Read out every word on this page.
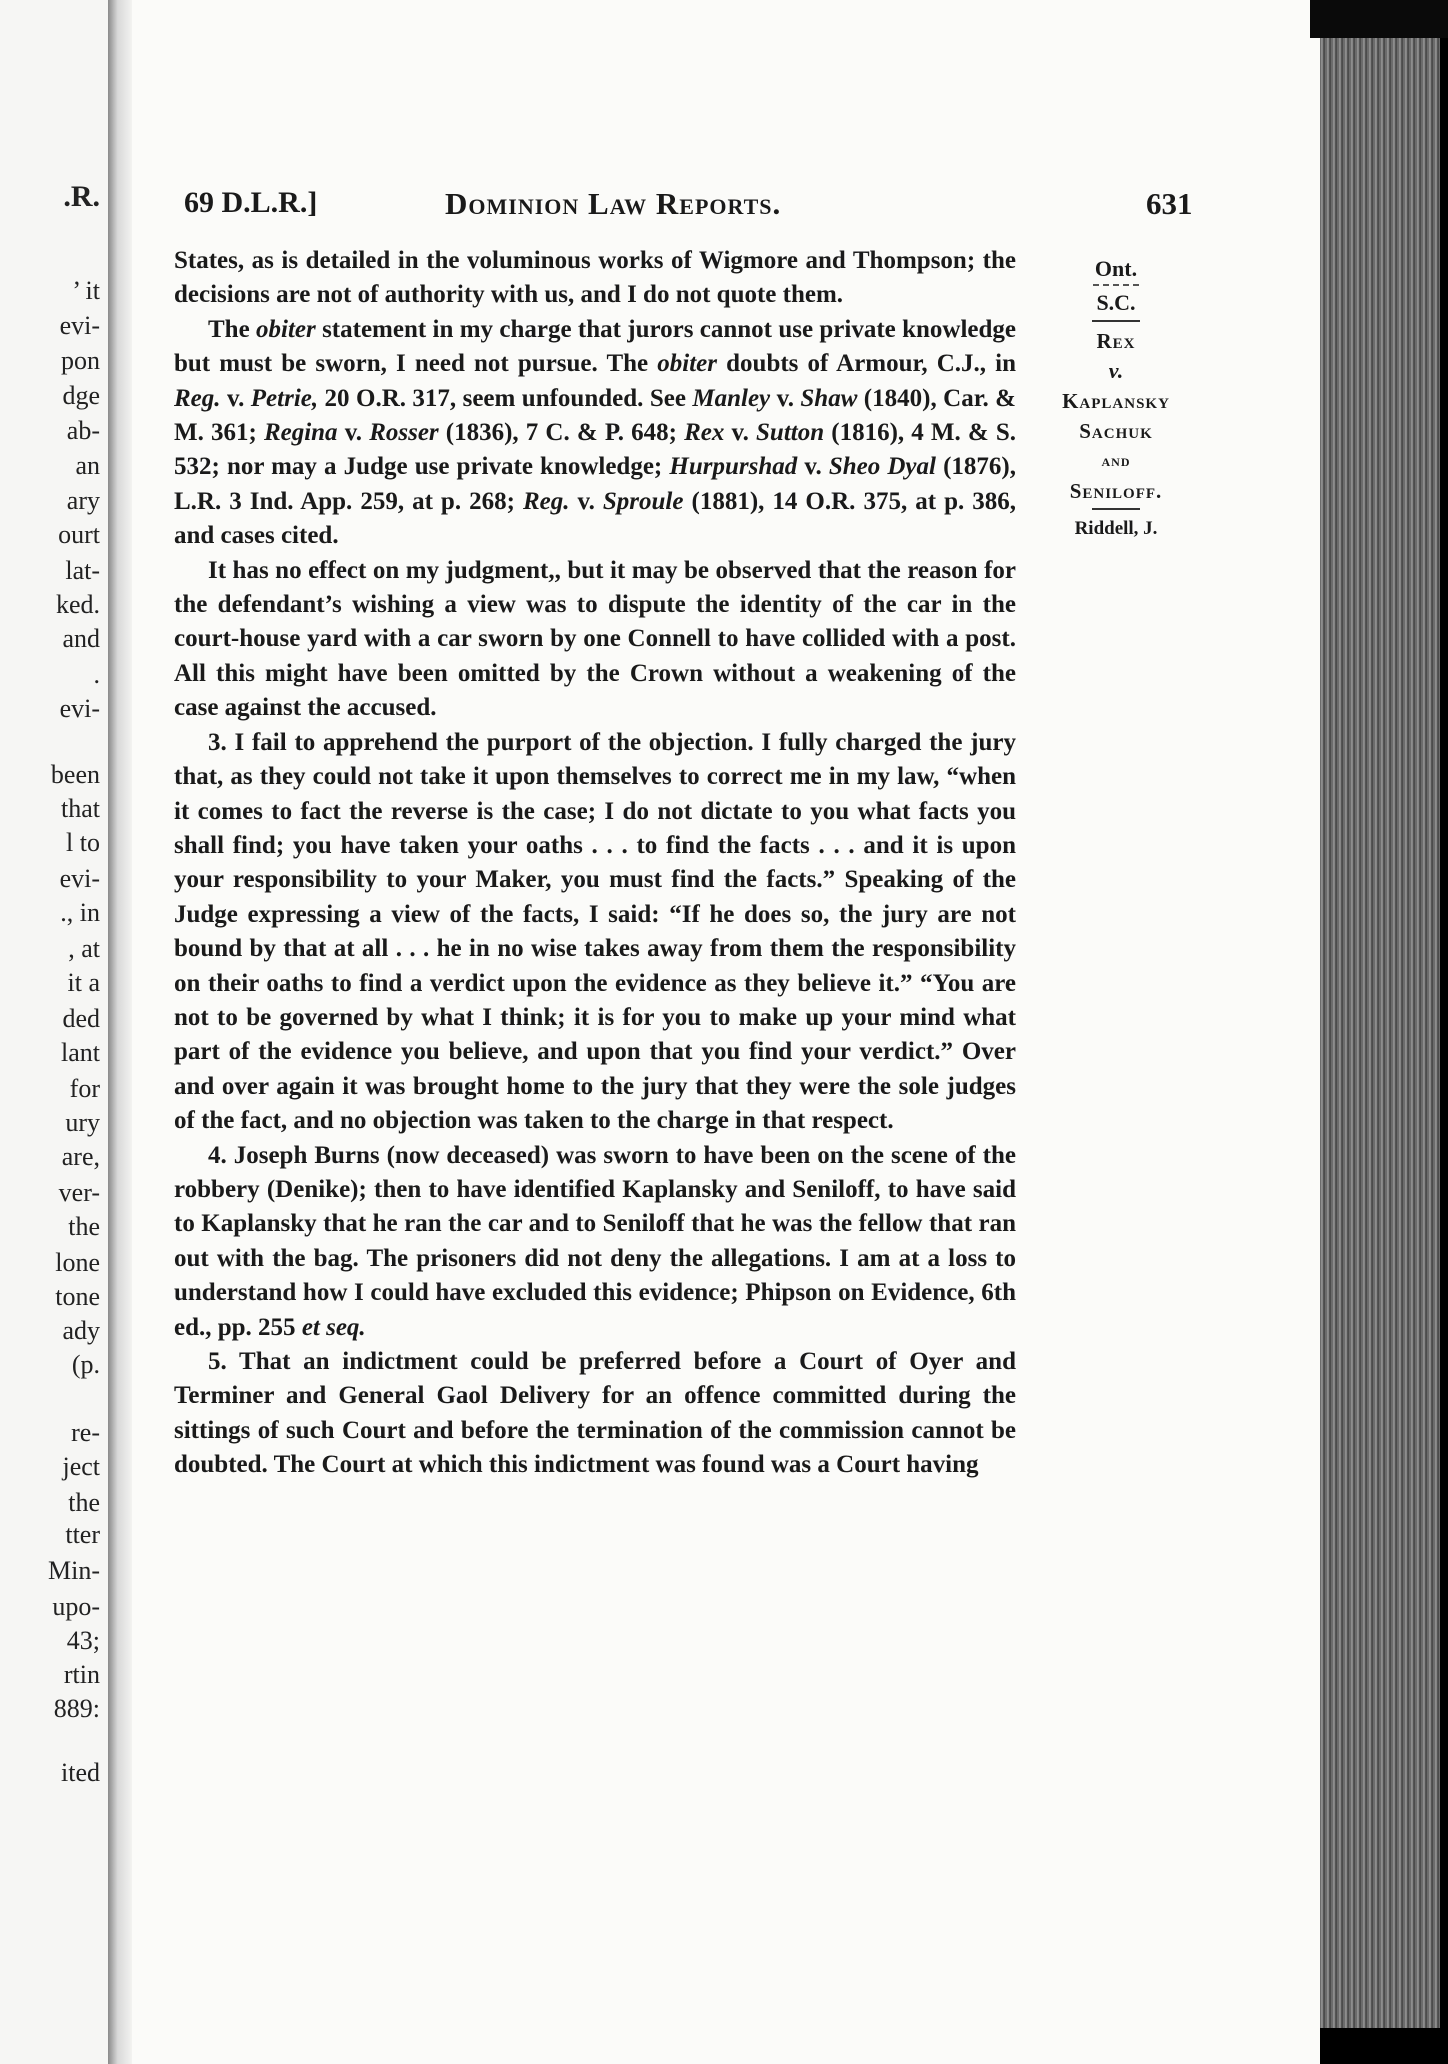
.R.
’ it
evi-
pon
dge
ab-
an
ary
ourt
lat-
ked.
and
.
evi-
been
that
l to
evi-
., in
, at
it a
ded
lant
for
ury
are,
ver-
the
lone
tone
ady
(p.
re-
ject
the
tter
Min-
upo-
43;
rtin
889:
ited
69 D.L.R.]	Dominion Law Reports.	631
Ont.
S.C.
Rex
v.
Kaplansky
Sachuk
and
Seniloff.
Riddell, J.

States, as is detailed in the voluminous works of Wigmore and Thompson; the decisions are not of authority with us, and I do not quote them.

The obiter statement in my charge that jurors cannot use private knowledge but must be sworn, I need not pursue. The obiter doubts of Armour, C.J., in Reg. v. Petrie, 20 O.R. 317, seem unfounded. See Manley v. Shaw (1840), Car. & M. 361; Regina v. Rosser (1836), 7 C. & P. 648; Rex v. Sutton (1816), 4 M. & S. 532; nor may a Judge use private knowledge; Hurpurshad v. Sheo Dyal (1876), L.R. 3 Ind. App. 259, at p. 268; Reg. v. Sproule (1881), 14 O.R. 375, at p. 386, and cases cited.

It has no effect on my judgment,, but it may be observed that the reason for the defendant’s wishing a view was to dispute the identity of the car in the court-house yard with a car sworn by one Connell to have collided with a post. All this might have been omitted by the Crown without a weakening of the case against the accused.

3. I fail to apprehend the purport of the objection. I fully charged the jury that, as they could not take it upon themselves to correct me in my law, “when it comes to fact the reverse is the case; I do not dictate to you what facts you shall find; you have taken your oaths . . . to find the facts . . . and it is upon your responsibility to your Maker, you must find the facts.” Speaking of the Judge expressing a view of the facts, I said: “If he does so, the jury are not bound by that at all . . . he in no wise takes away from them the responsibility on their oaths to find a verdict upon the evidence as they believe it.” “You are not to be governed by what I think; it is for you to make up your mind what part of the evidence you believe, and upon that you find your verdict.” Over and over again it was brought home to the jury that they were the sole judges of the fact, and no objection was taken to the charge in that respect.

4. Joseph Burns (now deceased) was sworn to have been on the scene of the robbery (Denike); then to have identified Kaplansky and Seniloff, to have said to Kaplansky that he ran the car and to Seniloff that he was the fellow that ran out with the bag. The prisoners did not deny the allegations. I am at a loss to understand how I could have excluded this evidence; Phipson on Evidence, 6th ed., pp. 255 et seq.

5. That an indictment could be preferred before a Court of Oyer and Terminer and General Gaol Delivery for an offence committed during the sittings of such Court and before the termination of the commission cannot be doubted. The Court at which this indictment was found was a Court having
